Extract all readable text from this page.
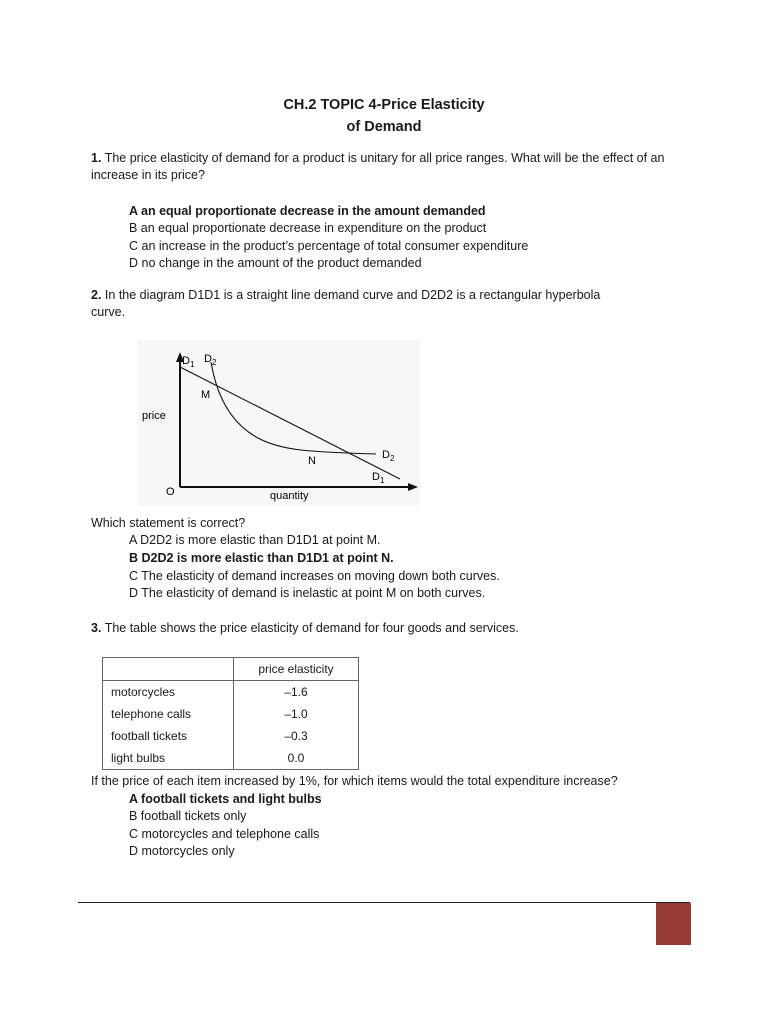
CH.2 TOPIC 4-Price Elasticity
of Demand
1. The price elasticity of demand for a product is unitary for all price ranges. What will be the effect of an
increase in its price?
A an equal proportionate decrease in the amount demanded
B an equal proportionate decrease in expenditure on the product
C an increase in the product’s percentage of total consumer expenditure
D no change in the amount of the product demanded
2. In the diagram D1D1 is a straight line demand curve and D2D2 is a rectangular hyperbola
curve.
$D_1$ $D_2$
M
N	$D_2$
$D_1$
price
quantity
O
Which statement is correct?
A D2D2 is more elastic than D1D1 at point M.
B D2D2 is more elastic than D1D1 at point N.
C The elasticity of demand increases on moving down both curves.
D The elasticity of demand is inelastic at point M on both curves.
3. The table shows the price elasticity of demand for four goods and services.
	price elasticity
motorcycles	–1.6
telephone calls	–1.0
football tickets	–0.3
light bulbs	0.0
If the price of each item increased by 1%, for which items would the total expenditure increase?
A football tickets and light bulbs
B football tickets only
C motorcycles and telephone calls
D motorcycles only
